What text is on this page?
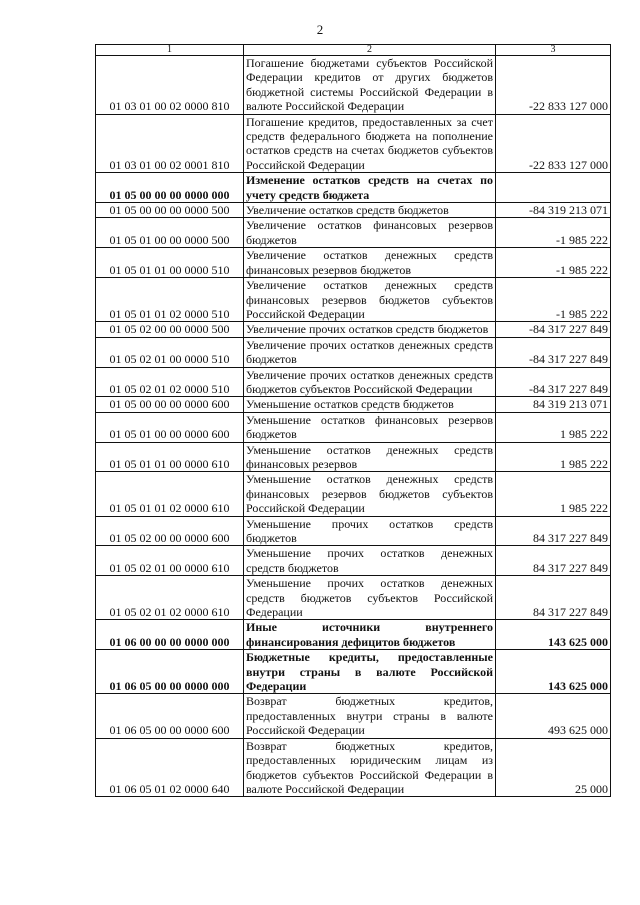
2
1	2	3
01 03 01 00 02 0000 810	Погашение бюджетами субъектов Российской Федерации кредитов от других бюджетов бюджетной системы Российской Федерации в валюте Российской Федерации	-22 833 127 000
01 03 01 00 02 0001 810	Погашение кредитов, предоставленных за счет средств федерального бюджета на пополнение остатков средств на счетах бюджетов субъектов Российской Федерации	-22 833 127 000
01 05 00 00 00 0000 000	Изменение остатков средств на счетах по учету средств бюджета	
01 05 00 00 00 0000 500	Увеличение остатков средств бюджетов	-84 319 213 071
01 05 01 00 00 0000 500	Увеличение остатков финансовых резервов бюджетов	-1 985 222
01 05 01 01 00 0000 510	Увеличение остатков денежных средств финансовых резервов бюджетов	-1 985 222
01 05 01 01 02 0000 510	Увеличение остатков денежных средств финансовых резервов бюджетов субъектов Российской Федерации	-1 985 222
01 05 02 00 00 0000 500	Увеличение прочих остатков средств бюджетов	-84 317 227 849
01 05 02 01 00 0000 510	Увеличение прочих остатков денежных средств бюджетов	-84 317 227 849
01 05 02 01 02 0000 510	Увеличение прочих остатков денежных средств бюджетов субъектов Российской Федерации	-84 317 227 849
01 05 00 00 00 0000 600	Уменьшение остатков средств бюджетов	84 319 213 071
01 05 01 00 00 0000 600	Уменьшение остатков финансовых резервов бюджетов	1 985 222
01 05 01 01 00 0000 610	Уменьшение остатков денежных средств финансовых резервов	1 985 222
01 05 01 01 02 0000 610	Уменьшение остатков денежных средств финансовых резервов бюджетов субъектов Российской Федерации	1 985 222
01 05 02 00 00 0000 600	Уменьшение прочих остатков средств бюджетов	84 317 227 849
01 05 02 01 00 0000 610	Уменьшение прочих остатков денежных средств бюджетов	84 317 227 849
01 05 02 01 02 0000 610	Уменьшение прочих остатков денежных средств бюджетов субъектов Российской Федерации	84 317 227 849
01 06 00 00 00 0000 000	Иные источники внутреннего финансирования дефицитов бюджетов	143 625 000
01 06 05 00 00 0000 000	Бюджетные кредиты, предоставленные внутри страны в валюте Российской Федерации	143 625 000
01 06 05 00 00 0000 600	Возврат бюджетных кредитов, предоставленных внутри страны в валюте Российской Федерации	493 625 000
01 06 05 01 02 0000 640	Возврат бюджетных кредитов, предоставленных юридическим лицам из бюджетов субъектов Российской Федерации в валюте Российской Федерации	25 000
